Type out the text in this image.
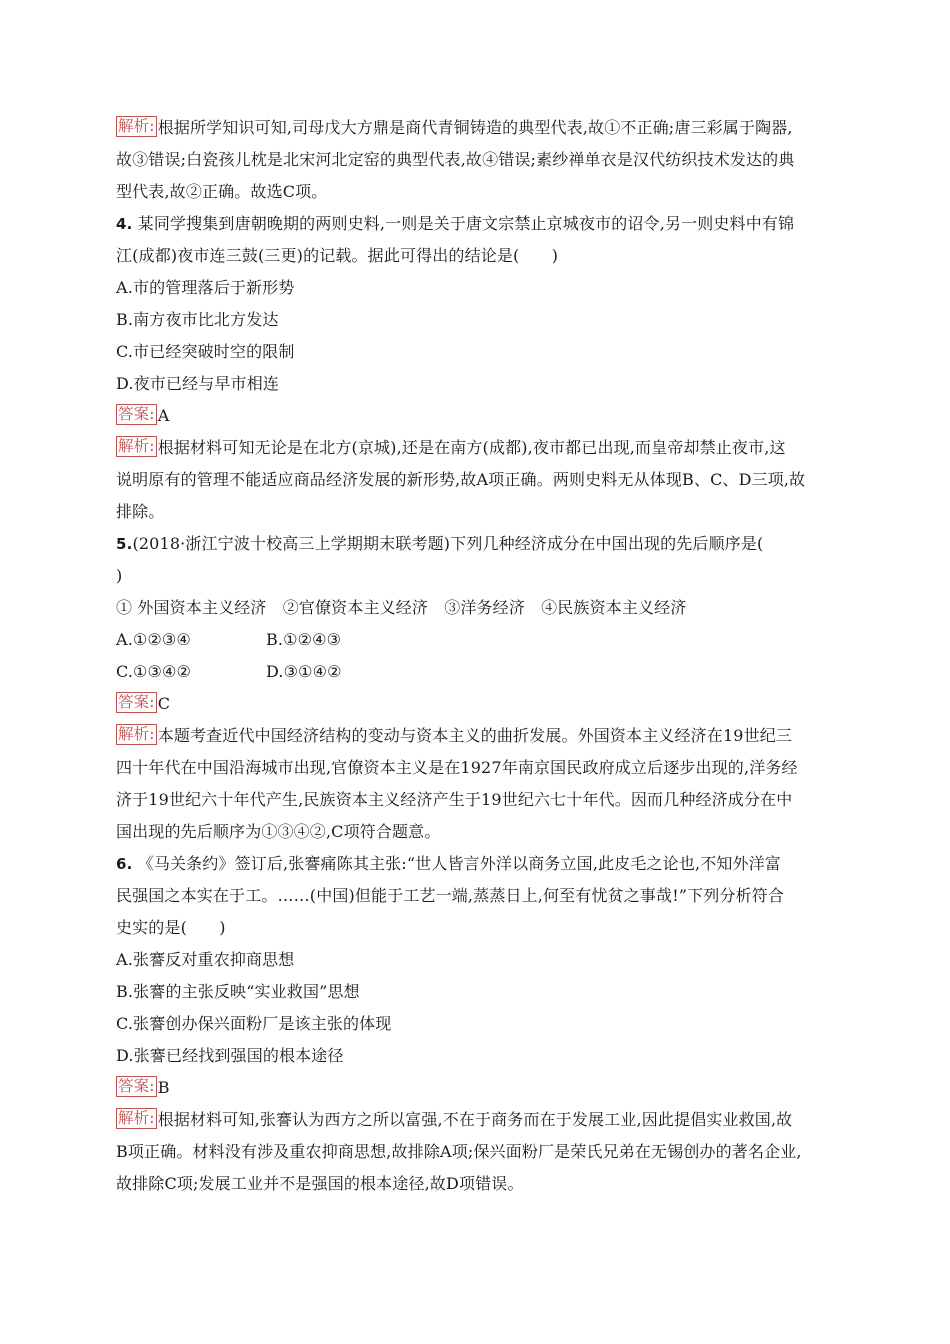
解析: 根据所学知识可知,司母戊大方鼎是商代青铜铸造的典型代表,故①不正确;唐三彩属于陶器,
故③错误;白瓷孩儿枕是北宋河北定窑的典型代表,故④错误;素纱禅单衣是汉代纺织技术发达的典
型代表,故②正确。故选C项。
4. 某同学搜集到唐朝晚期的两则史料,一则是关于唐文宗禁止京城夜市的诏令,另一则史料中有锦
江(成都)夜市连三鼓(三更)的记载。据此可得出的结论是(　　)
A.市的管理落后于新形势
B.南方夜市比北方发达
C.市已经突破时空的限制
D.夜市已经与早市相连
答案: A
解析: 根据材料可知无论是在北方(京城),还是在南方(成都),夜市都已出现,而皇帝却禁止夜市,这
说明原有的管理不能适应商品经济发展的新形势,故A项正确。两则史料无从体现B、C、D三项,故
排除。
5.(2018·浙江宁波十校高三上学期期末联考题)下列几种经济成分在中国出现的先后顺序是(
)
① 外国资本主义经济　②官僚资本主义经济　③洋务经济　④民族资本主义经济
A.①②③④	B.①②④③
C.①③④②	D.③①④②
答案: C
解析: 本题考查近代中国经济结构的变动与资本主义的曲折发展。外国资本主义经济在19世纪三
四十年代在中国沿海城市出现,官僚资本主义是在1927年南京国民政府成立后逐步出现的,洋务经
济于19世纪六十年代产生,民族资本主义经济产生于19世纪六七十年代。因而几种经济成分在中
国出现的先后顺序为①③④②,C项符合题意。
6. 《马关条约》签订后,张謇痛陈其主张:“世人皆言外洋以商务立国,此皮毛之论也,不知外洋富
民强国之本实在于工。……(中国)但能于工艺一端,蒸蒸日上,何至有忧贫之事哉!”下列分析符合
史实的是(　　)
A.张謇反对重农抑商思想
B.张謇的主张反映“实业救国”思想
C.张謇创办保兴面粉厂是该主张的体现
D.张謇已经找到强国的根本途径
答案: B
解析: 根据材料可知,张謇认为西方之所以富强,不在于商务而在于发展工业,因此提倡实业救国,故
B项正确。材料没有涉及重农抑商思想,故排除A项;保兴面粉厂是荣氏兄弟在无锡创办的著名企业,
故排除C项;发展工业并不是强国的根本途径,故D项错误。
